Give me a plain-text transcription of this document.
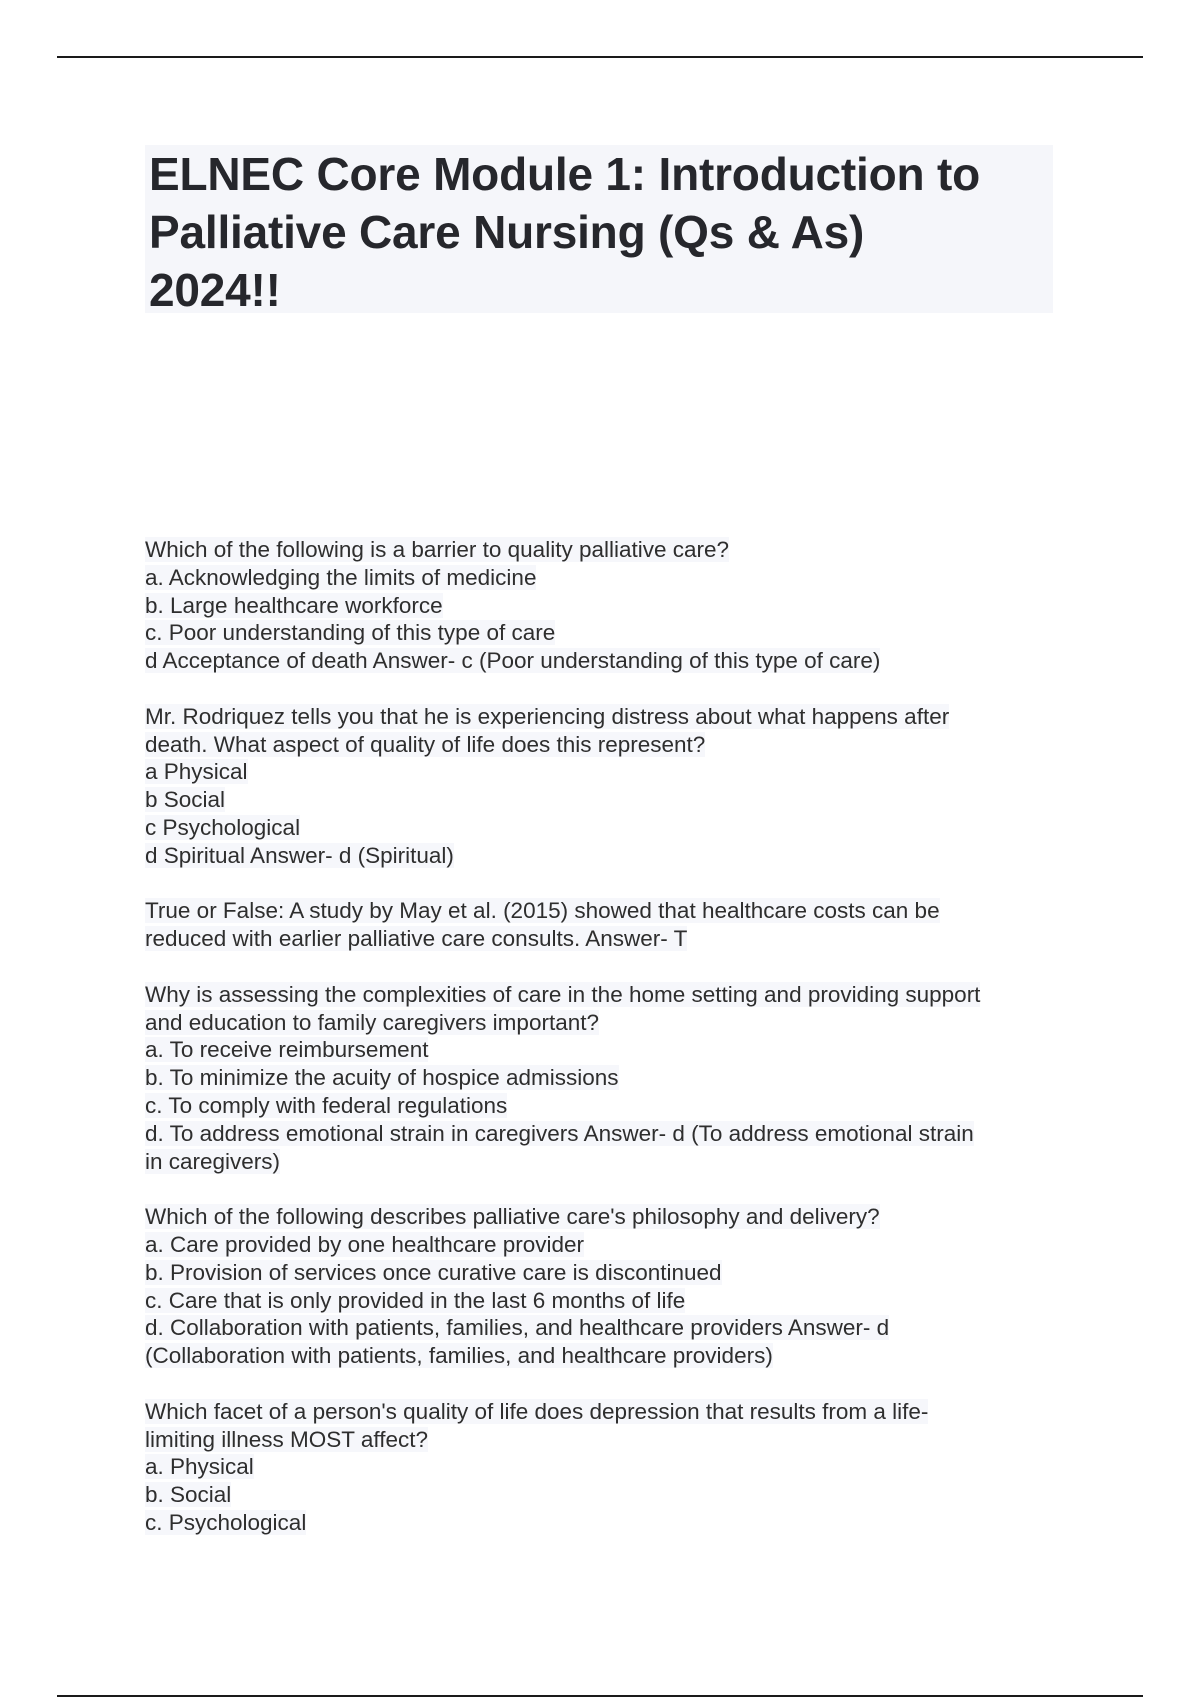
ELNEC Core Module 1: Introduction to
Palliative Care Nursing (Qs & As)
2024!!
Which of the following is a barrier to quality palliative care?
a. Acknowledging the limits of medicine
b. Large healthcare workforce
c. Poor understanding of this type of care
d Acceptance of death Answer- c (Poor understanding of this type of care)
Mr. Rodriquez tells you that he is experiencing distress about what happens after
death. What aspect of quality of life does this represent?
a Physical
b Social
c Psychological
d Spiritual Answer- d (Spiritual)
True or False: A study by May et al. (2015) showed that healthcare costs can be
reduced with earlier palliative care consults. Answer- T
Why is assessing the complexities of care in the home setting and providing support
and education to family caregivers important?
a. To receive reimbursement
b. To minimize the acuity of hospice admissions
c. To comply with federal regulations
d. To address emotional strain in caregivers Answer- d (To address emotional strain
in caregivers)
Which of the following describes palliative care's philosophy and delivery?
a. Care provided by one healthcare provider
b. Provision of services once curative care is discontinued
c. Care that is only provided in the last 6 months of life
d. Collaboration with patients, families, and healthcare providers Answer- d
(Collaboration with patients, families, and healthcare providers)
Which facet of a person's quality of life does depression that results from a life-
limiting illness MOST affect?
a. Physical
b. Social
c. Psychological
